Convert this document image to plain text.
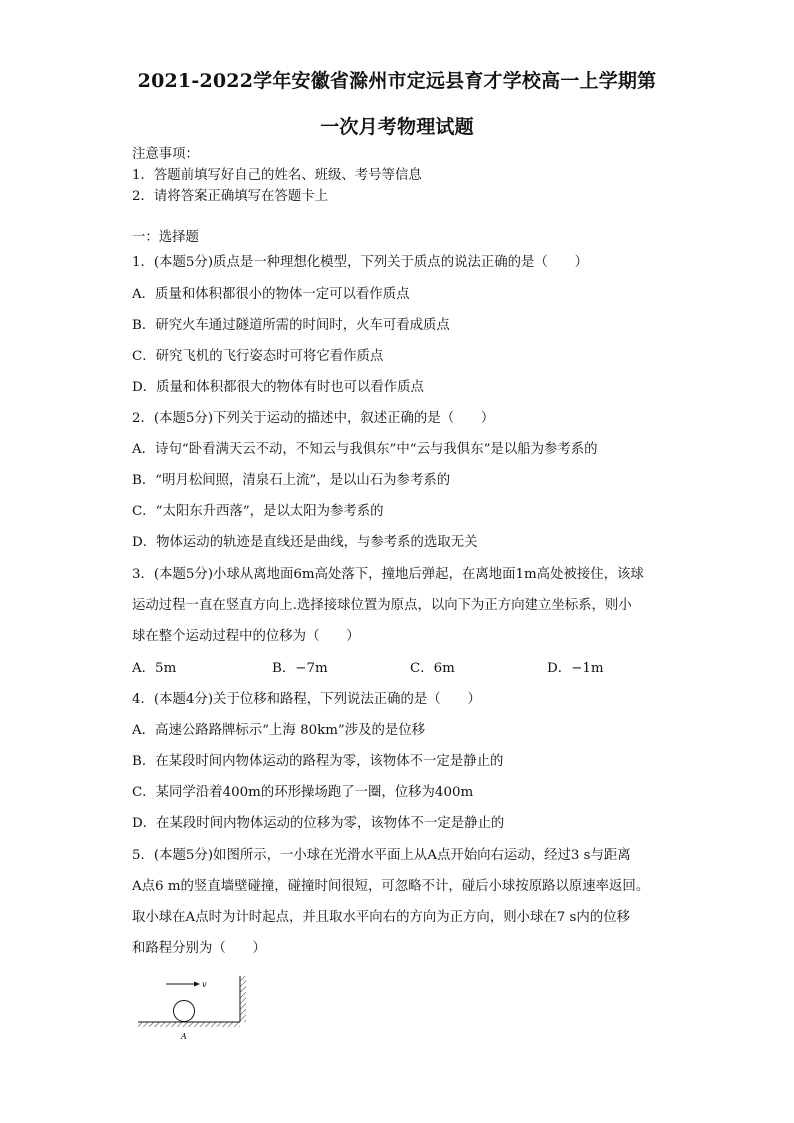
2021-2022学年安徽省滁州市定远县育才学校高一上学期第
一次月考物理试题
注意事项：
1．答题前填写好自己的姓名、班级、考号等信息
2．请将答案正确填写在答题卡上
一：选择题
1．(本题5分)质点是一种理想化模型，下列关于质点的说法正确的是（　　）
A．质量和体积都很小的物体一定可以看作质点
B．研究火车通过隧道所需的时间时，火车可看成质点
C．研究飞机的飞行姿态时可将它看作质点
D．质量和体积都很大的物体有时也可以看作质点
2．(本题5分)下列关于运动的描述中，叙述正确的是（　　）
A．诗句“卧看满天云不动，不知云与我俱东”中“云与我俱东”是以船为参考系的
B．“明月松间照，清泉石上流”，是以山石为参考系的
C．“太阳东升西落”，是以太阳为参考系的
D．物体运动的轨迹是直线还是曲线，与参考系的选取无关
3．(本题5分)小球从离地面6m高处落下，撞地后弹起，在离地面1m高处被接住，该球
运动过程一直在竖直方向上.选择接球位置为原点，以向下为正方向建立坐标系，则小
球在整个运动过程中的位移为（　　）
A．5m	B．−7m	C．6m	D．−1m
4．(本题4分)关于位移和路程，下列说法正确的是（　　）
A．高速公路路牌标示“上海 80km”涉及的是位移
B．在某段时间内物体运动的路程为零，该物体不一定是静止的
C．某同学沿着400m的环形操场跑了一圈，位移为400m
D．在某段时间内物体运动的位移为零，该物体不一定是静止的
5．(本题5分)如图所示，一小球在光滑水平面上从A点开始向右运动，经过3 s与距离
A点6 m的竖直墙壁碰撞，碰撞时间很短，可忽略不计，碰后小球按原路以原速率返回。
取小球在A点时为计时起点，并且取水平向右的方向为正方向，则小球在7 s内的位移
和路程分别为（　　）
v
A
